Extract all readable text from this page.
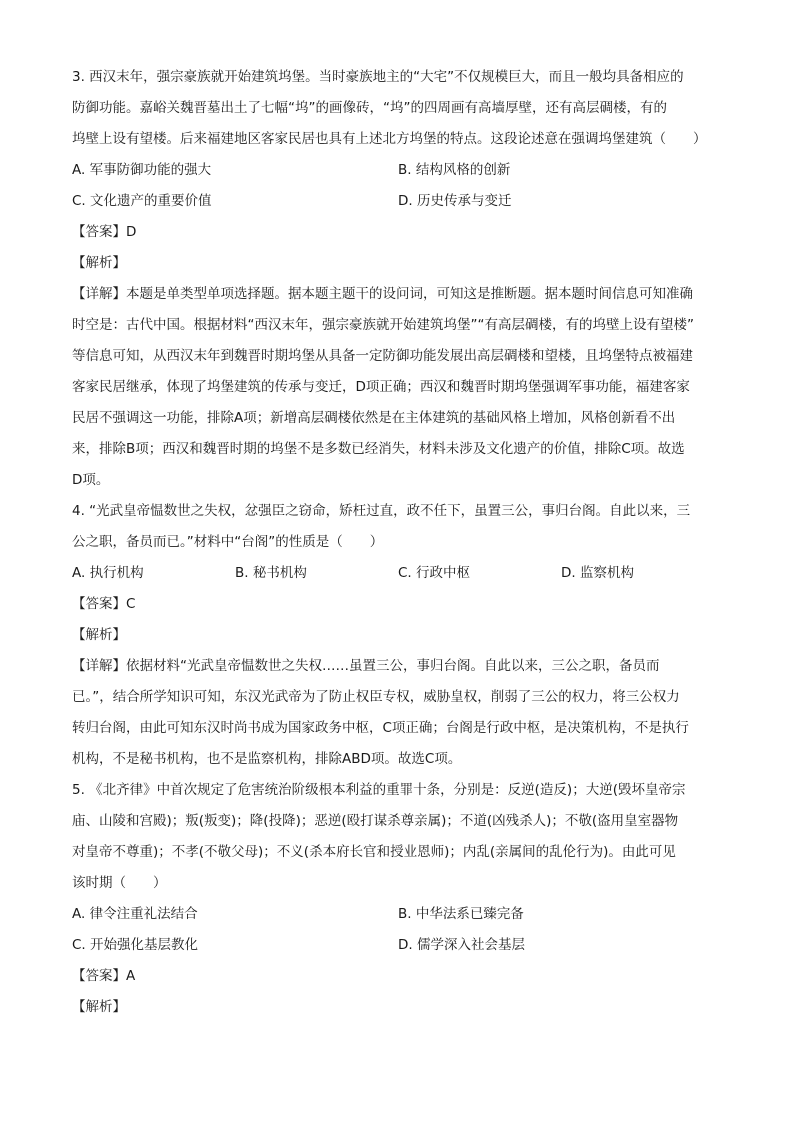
3. 西汉末年，强宗豪族就开始建筑坞堡。当时豪族地主的“大宅”不仅规模巨大，而且一般均具备相应的
防御功能。嘉峪关魏晋墓出土了七幅“坞”的画像砖，“坞”的四周画有高墙厚壁，还有高层碉楼，有的
坞壁上设有望楼。后来福建地区客家民居也具有上述北方坞堡的特点。这段论述意在强调坞堡建筑（　　）
A. 军事防御功能的强大	B. 结构风格的创新
C. 文化遗产的重要价值	D. 历史传承与变迁
【答案】D
【解析】
【详解】本题是单类型单项选择题。据本题主题干的设问词，可知这是推断题。据本题时间信息可知准确
时空是：古代中国。根据材料“西汉末年，强宗豪族就开始建筑坞堡”“有高层碉楼，有的坞壁上设有望楼”
等信息可知，从西汉末年到魏晋时期坞堡从具备一定防御功能发展出高层碉楼和望楼，且坞堡特点被福建
客家民居继承，体现了坞堡建筑的传承与变迁，D项正确；西汉和魏晋时期坞堡强调军事功能，福建客家
民居不强调这一功能，排除A项；新增高层碉楼依然是在主体建筑的基础风格上增加，风格创新看不出
来，排除B项；西汉和魏晋时期的坞堡不是多数已经消失，材料未涉及文化遗产的价值，排除C项。故选
D项。
4. “光武皇帝愠数世之失权，忿强臣之窃命，矫枉过直，政不任下，虽置三公，事归台阁。自此以来，三
公之职，备员而已。”材料中“台阁”的性质是（　　）
A. 执行机构	B. 秘书机构	C. 行政中枢	D. 监察机构
【答案】C
【解析】
【详解】依据材料“光武皇帝愠数世之失权……虽置三公，事归台阁。自此以来，三公之职，备员而
已。”，结合所学知识可知，东汉光武帝为了防止权臣专权，威胁皇权，削弱了三公的权力，将三公权力
转归台阁，由此可知东汉时尚书成为国家政务中枢，C项正确；台阁是行政中枢，是决策机构，不是执行
机构，不是秘书机构，也不是监察机构，排除ABD项。故选C项。
5. 《北齐律》中首次规定了危害统治阶级根本利益的重罪十条，分别是：反逆(造反)；大逆(毁坏皇帝宗
庙、山陵和宫殿)；叛(叛变)；降(投降)；恶逆(殴打谋杀尊亲属)；不道(凶残杀人)；不敬(盗用皇室器物
对皇帝不尊重)；不孝(不敬父母)；不义(杀本府长官和授业恩师)；内乱(亲属间的乱伦行为)。由此可见
该时期（　　）
A. 律令注重礼法结合	B. 中华法系已臻完备
C. 开始强化基层教化	D. 儒学深入社会基层
【答案】A
【解析】
